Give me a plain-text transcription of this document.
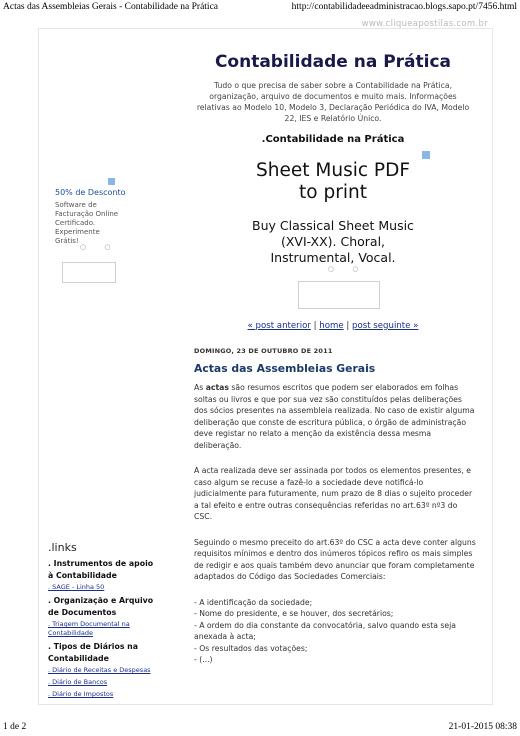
Actas das Assembleias Gerais - Contabilidade na Prática	http://contabilidadeeadministracao.blogs.sapo.pt/7456.html
www.cliqueapostilas.com.br
Contabilidade na Prática
Tudo o que precisa de saber sobre a Contabilidade na Prática, organização, arquivo de documentos e muito mais. Informações relativas ao Modelo 10, Modelo 3, Declaração Periódica do IVA, Modelo 22, IES e Relatório Único.
.Contabilidade na Prática
50% de Desconto
Software de
Facturação Online
Certificado.
Experimente Grátis!
○ ○
Sheet Music PDF
to print
Buy Classical Sheet Music
(XVI-XX). Choral,
Instrumental, Vocal.
○ ○
« post anterior | home | post seguinte »
DOMINGO, 23 DE OUTUBRO DE 2011
Actas das Assembleias Gerais

As actas são resumos escritos que podem ser elaborados em folhas soltas ou livros e que por sua vez são constituídos pelas deliberações dos sócios presentes na assembleia realizada. No caso de existir alguma deliberação que conste de escritura pública, o órgão de administração deve registar no relato a menção da existência dessa mesma deliberação.

A acta realizada deve ser assinada por todos os elementos presentes, e caso algum se recuse a fazê-lo a sociedade deve notificá-lo judicialmente para futuramente, num prazo de 8 dias o sujeito proceder a tal efeito e entre outras consequências referidas no art.63º nº3 do CSC.

Seguindo o mesmo preceito do art.63º do CSC a acta deve conter alguns requisitos mínimos e dentro dos inúmeros tópicos refiro os mais simples de redigir e aos quais também devo anunciar que foram completamente adaptados do Código das Sociedades Comerciais:

- A identificação da sociedade;

- Nome do presidente, e se houver, dos secretários;

- A ordem do dia constante da convocatória, salvo quando esta seja anexada à acta;

- Os resultados das votações;

- (...)

.links
. Instrumentos de apoio à Contabilidade
. SAGE - Linha 50
. Organização e Arquivo de Documentos
. Triagem Documental na Contabilidade
. Tipos de Diários na Contabilidade
. Diário de Receitas e Despesas
. Diário de Bancos
. Diário de Impostos
1 de 2	21-01-2015 08:38
